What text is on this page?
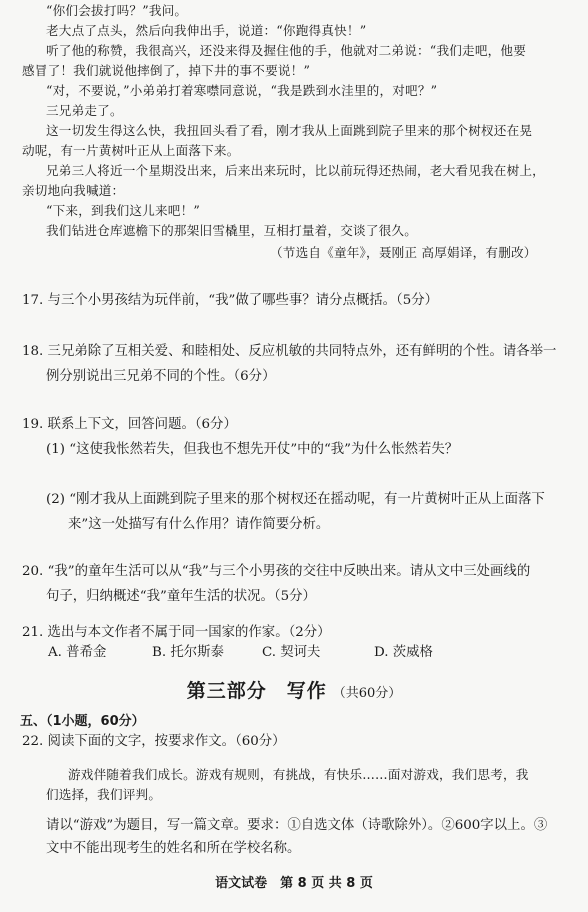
“你们会拔打吗？”我问。
老大点了点头，然后向我伸出手，说道：“你跑得真快！”
听了他的称赞，我很高兴，还没来得及握住他的手，他就对二弟说：“我们走吧，他要
感冒了！我们就说他摔倒了，掉下井的事不要说！”
“对，不要说，”小弟弟打着寒噤同意说，“我是跌到水洼里的，对吧？”
三兄弟走了。
这一切发生得这么快，我扭回头看了看，刚才我从上面跳到院子里来的那个树杈还在晃
动呢，有一片黄树叶正从上面落下来。
兄弟三人将近一个星期没出来，后来出来玩时，比以前玩得还热闹，老大看见我在树上，
亲切地向我喊道：
“下来，到我们这儿来吧！”
我们钻进仓库遮檐下的那架旧雪橇里，互相打量着，交谈了很久。
（节选自《童年》，聂刚正 高厚娟译，有删改）
17. 与三个小男孩结为玩伴前，“我”做了哪些事？请分点概括。（5分）
18. 三兄弟除了互相关爱、和睦相处、反应机敏的共同特点外，还有鲜明的个性。请各举一
例分别说出三兄弟不同的个性。（6分）
19. 联系上下文，回答问题。（6分）
(1) “这使我怅然若失，但我也不想先开仗”中的“我”为什么怅然若失？
(2) “刚才我从上面跳到院子里来的那个树杈还在摇动呢，有一片黄树叶正从上面落下
来”这一处描写有什么作用？请作简要分析。
20. “我”的童年生活可以从“我”与三个小男孩的交往中反映出来。请从文中三处画线的
句子，归纳概述“我”童年生活的状况。（5分）
21. 选出与本文作者不属于同一国家的作家。（2分）
A. 普希金	B. 托尔斯泰	C. 契诃夫	D. 茨威格
第三部分　写作 （共60分）
五、（1小题，60分）
22. 阅读下面的文字，按要求作文。（60分）
游戏伴随着我们成长。游戏有规则，有挑战，有快乐……面对游戏，我们思考，我
们选择，我们评判。
请以“游戏”为题目，写一篇文章。要求：①自选文体（诗歌除外）。②600字以上。③
文中不能出现考生的姓名和所在学校名称。
语文试卷　第 8 页 共 8 页
